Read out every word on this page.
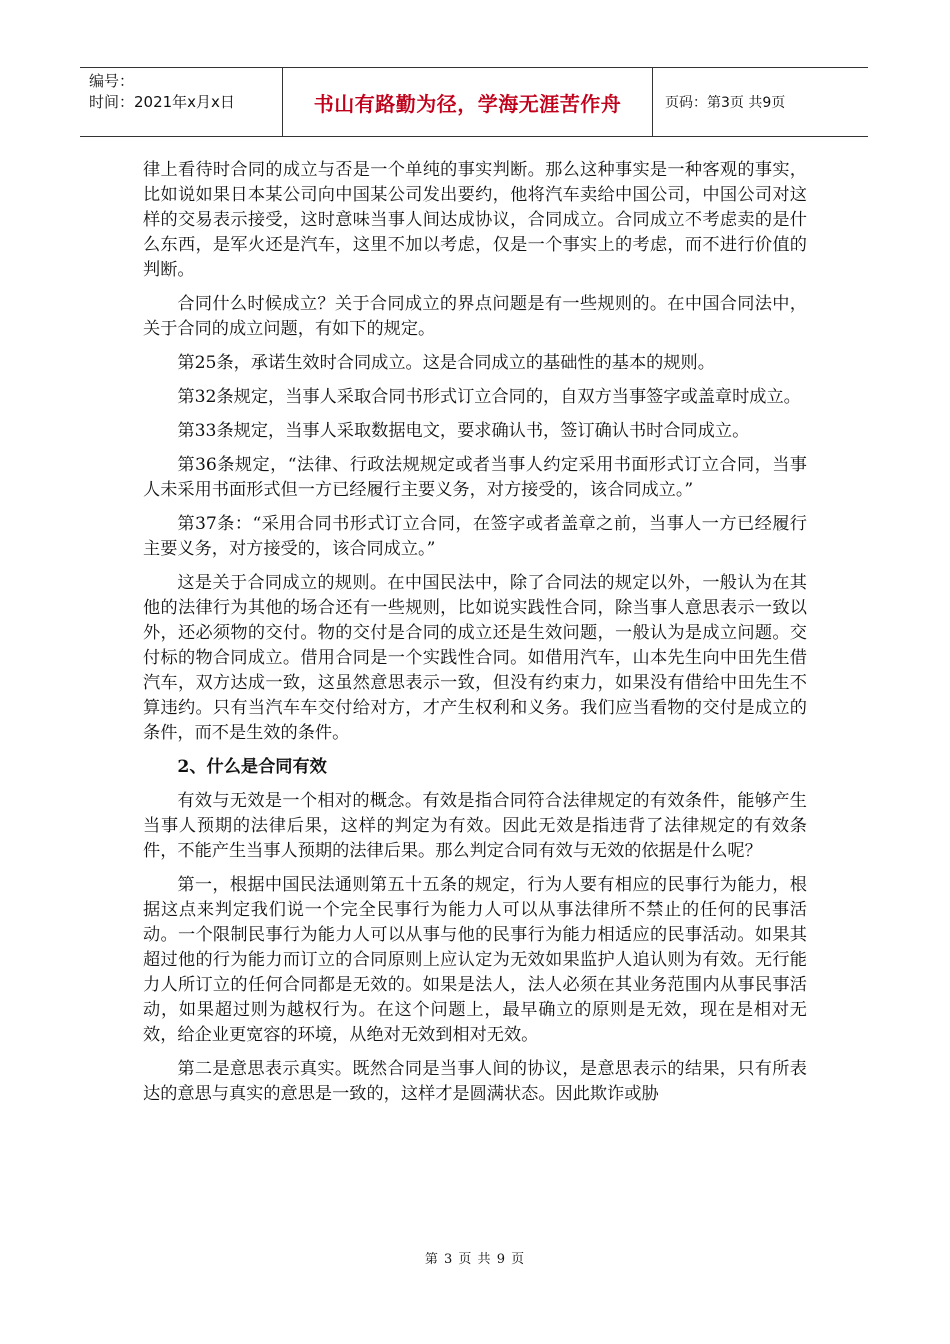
编号：
时间：2021年x月x日	书山有路勤为径，学海无涯苦作舟	页码：第3页 共9页

律上看待时合同的成立与否是一个单纯的事实判断。那么这种事实是一种客观的事实，比如说如果日本某公司向中国某公司发出要约，他将汽车卖给中国公司，中国公司对这样的交易表示接受，这时意味当事人间达成协议，合同成立。合同成立不考虑卖的是什么东西，是军火还是汽车，这里不加以考虑，仅是一个事实上的考虑，而不进行价值的判断。

合同什么时候成立？关于合同成立的界点问题是有一些规则的。在中国合同法中，关于合同的成立问题，有如下的规定。

第25条，承诺生效时合同成立。这是合同成立的基础性的基本的规则。

第32条规定，当事人采取合同书形式订立合同的，自双方当事签字或盖章时成立。

第33条规定，当事人采取数据电文，要求确认书，签订确认书时合同成立。

第36条规定，“法律、行政法规规定或者当事人约定采用书面形式订立合同，当事人未采用书面形式但一方已经履行主要义务，对方接受的，该合同成立。”

第37条：“采用合同书形式订立合同，在签字或者盖章之前，当事人一方已经履行主要义务，对方接受的，该合同成立。”

这是关于合同成立的规则。在中国民法中，除了合同法的规定以外，一般认为在其他的法律行为其他的场合还有一些规则，比如说实践性合同，除当事人意思表示一致以外，还必须物的交付。物的交付是合同的成立还是生效问题，一般认为是成立问题。交付标的物合同成立。借用合同是一个实践性合同。如借用汽车，山本先生向中田先生借汽车，双方达成一致，这虽然意思表示一致，但没有约束力，如果没有借给中田先生不算违约。只有当汽车车交付给对方，才产生权利和义务。我们应当看物的交付是成立的条件，而不是生效的条件。

2、什么是合同有效

有效与无效是一个相对的概念。有效是指合同符合法律规定的有效条件，能够产生当事人预期的法律后果，这样的判定为有效。因此无效是指违背了法律规定的有效条件，不能产生当事人预期的法律后果。那么判定合同有效与无效的依据是什么呢？

第一，根据中国民法通则第五十五条的规定，行为人要有相应的民事行为能力，根据这点来判定我们说一个完全民事行为能力人可以从事法律所不禁止的任何的民事活动。一个限制民事行为能力人可以从事与他的民事行为能力相适应的民事活动。如果其超过他的行为能力而订立的合同原则上应认定为无效如果监护人追认则为有效。无行能力人所订立的任何合同都是无效的。如果是法人，法人必须在其业务范围内从事民事活动，如果超过则为越权行为。在这个问题上，最早确立的原则是无效，现在是相对无效，给企业更宽容的环境，从绝对无效到相对无效。

第二是意思表示真实。既然合同是当事人间的协议，是意思表示的结果，只有所表达的意思与真实的意思是一致的，这样才是圆满状态。因此欺诈或胁

第 3 页 共 9 页
